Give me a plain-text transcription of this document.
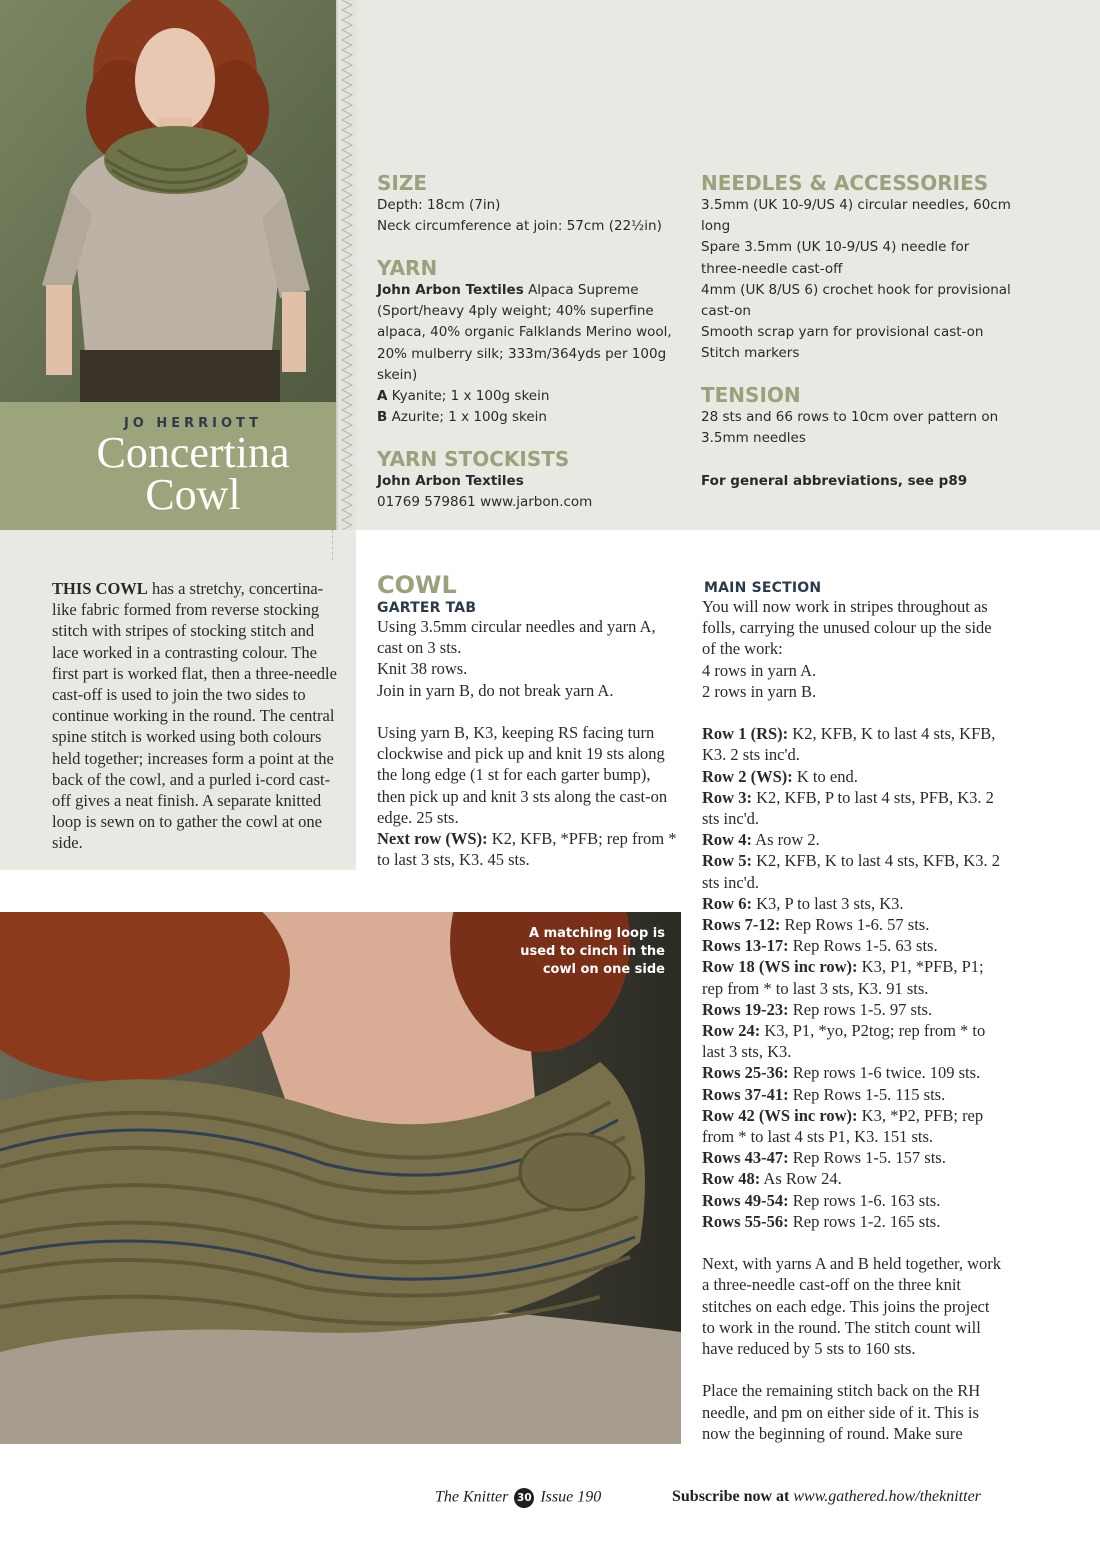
JO HERRIOTT
Concertina
Cowl
SIZE
Depth: 18cm (7in)
Neck circumference at join: 57cm (22½in)
YARN
John Arbon Textiles Alpaca Supreme (Sport/heavy 4ply weight; 40% superfine alpaca, 40% organic Falklands Merino wool, 20% mulberry silk; 333m/364yds per 100g skein)
A Kyanite; 1 x 100g skein
B Azurite; 1 x 100g skein
YARN STOCKISTS
John Arbon Textiles
01769 579861 www.jarbon.com
NEEDLES & ACCESSORIES
3.5mm (UK 10-9/US 4) circular needles, 60cm long
Spare 3.5mm (UK 10-9/US 4) needle for three-needle cast-off
4mm (UK 8/US 6) crochet hook for provisional cast-on
Smooth scrap yarn for provisional cast-on
Stitch markers
TENSION
28 sts and 66 rows to 10cm over pattern on 3.5mm needles
For general abbreviations, see p89
THIS COWL has a stretchy, concertina-like fabric formed from reverse stocking stitch with stripes of stocking stitch and lace worked in a contrasting colour. The first part is worked flat, then a three-needle cast-off is used to join the two sides to continue working in the round. The central spine stitch is worked using both colours held together; increases form a point at the back of the cowl, and a purled i-cord cast-off gives a neat finish. A separate knitted loop is sewn on to gather the cowl at one side.
COWL
GARTER TAB
Using 3.5mm circular needles and yarn A, cast on 3 sts.
Knit 38 rows.
Join in yarn B, do not break yarn A.
Using yarn B, K3, keeping RS facing turn clockwise and pick up and knit 19 sts along the long edge (1 st for each garter bump), then pick up and knit 3 sts along the cast-on edge. 25 sts.
Next row (WS): K2, KFB, *PFB; rep from * to last 3 sts, K3. 45 sts.
A matching loop is used to cinch in the cowl on one side
MAIN SECTION
You will now work in stripes throughout as folls, carrying the unused colour up the side of the work:
4 rows in yarn A.
2 rows in yarn B.
Row 1 (RS): K2, KFB, K to last 4 sts, KFB, K3. 2 sts inc'd.
Row 2 (WS): K to end.
Row 3: K2, KFB, P to last 4 sts, PFB, K3. 2 sts inc'd.
Row 4: As row 2.
Row 5: K2, KFB, K to last 4 sts, KFB, K3. 2 sts inc'd.
Row 6: K3, P to last 3 sts, K3.
Rows 7-12: Rep Rows 1-6. 57 sts.
Rows 13-17: Rep Rows 1-5. 63 sts.
Row 18 (WS inc row): K3, P1, *PFB, P1; rep from * to last 3 sts, K3. 91 sts.
Rows 19-23: Rep rows 1-5. 97 sts.
Row 24: K3, P1, *yo, P2tog; rep from * to last 3 sts, K3.
Rows 25-36: Rep rows 1-6 twice. 109 sts.
Rows 37-41: Rep Rows 1-5. 115 sts.
Row 42 (WS inc row): K3, *P2, PFB; rep from * to last 4 sts P1, K3. 151 sts.
Rows 43-47: Rep Rows 1-5. 157 sts.
Row 48: As Row 24.
Rows 49-54: Rep rows 1-6. 163 sts.
Rows 55-56: Rep rows 1-2. 165 sts.
Next, with yarns A and B held together, work a three-needle cast-off on the three knit stitches on each edge. This joins the project to work in the round. The stitch count will have reduced by 5 sts to 160 sts.
Place the remaining stitch back on the RH needle, and pm on either side of it. This is now the beginning of round. Make sure
The Knitter 30 Issue 190	Subscribe now at www.gathered.how/theknitter
